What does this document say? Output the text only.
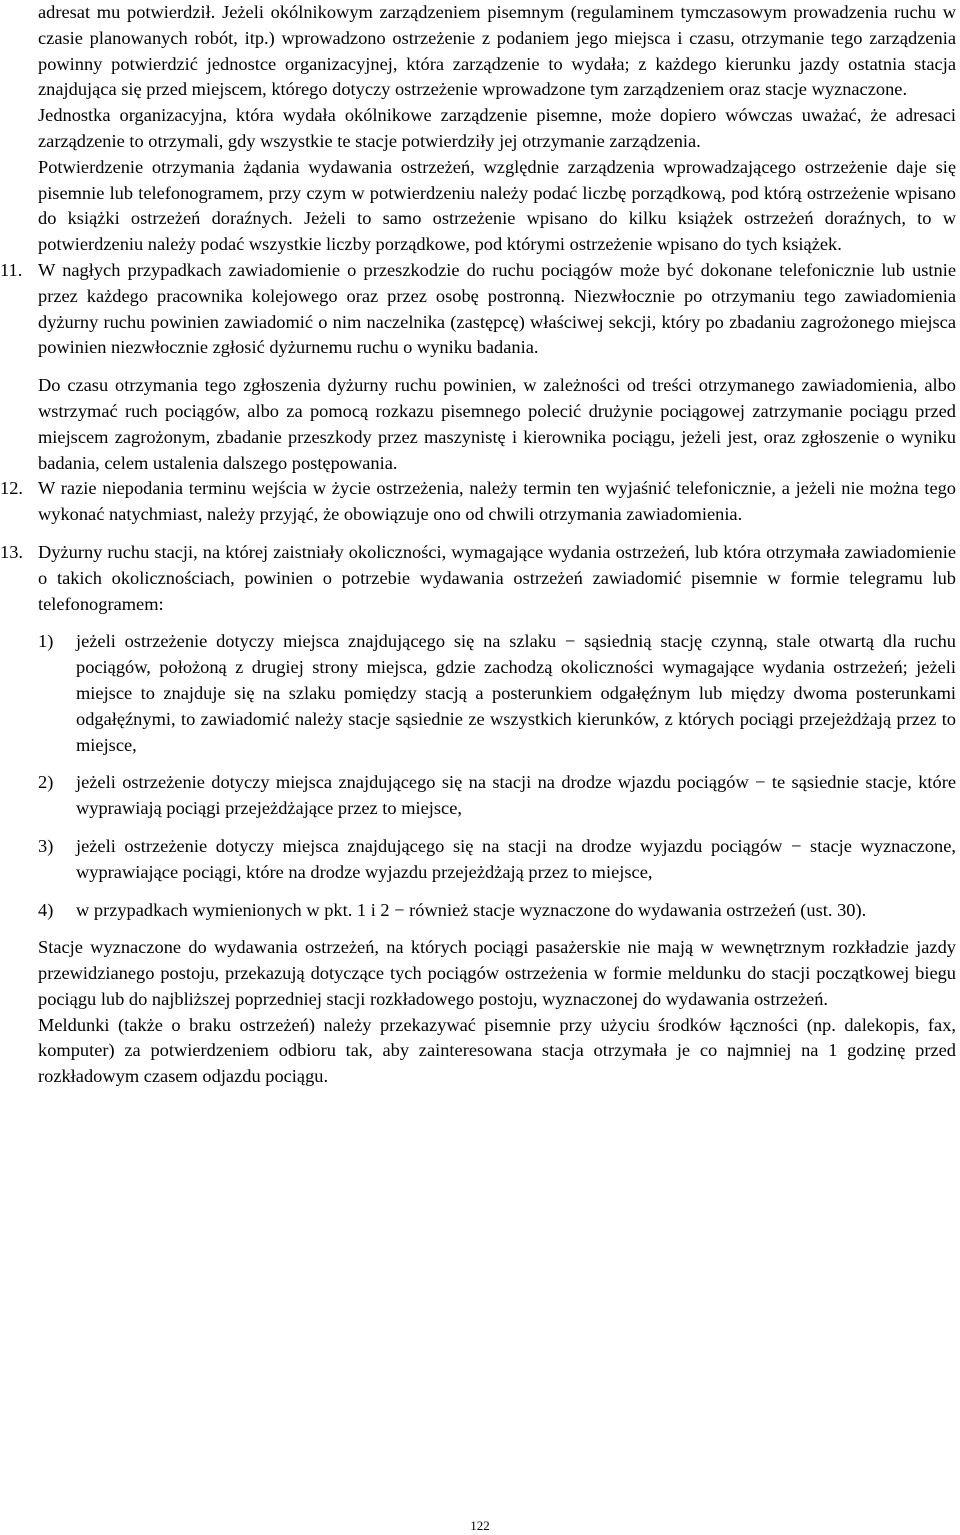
adresat mu potwierdził. Jeżeli okólnikowym zarządzeniem pisemnym (regulaminem tymczasowym prowadzenia ruchu w czasie planowanych robót, itp.) wprowadzono ostrzeżenie z podaniem jego miejsca i czasu, otrzymanie tego zarządzenia powinny potwierdzić jednostce organizacyjnej, która zarządzenie to wydała; z każdego kierunku jazdy ostatnia stacja znajdująca się przed miejscem, którego dotyczy ostrzeżenie wprowadzone tym zarządzeniem oraz stacje wyznaczone.

Jednostka organizacyjna, która wydała okólnikowe zarządzenie pisemne, może dopiero wówczas uważać, że adresaci zarządzenie to otrzymali, gdy wszystkie te stacje potwierdziły jej otrzymanie zarządzenia.

Potwierdzenie otrzymania żądania wydawania ostrzeżeń, względnie zarządzenia wprowadzającego ostrzeżenie daje się pisemnie lub telefonogramem, przy czym w potwierdzeniu należy podać liczbę porządkową, pod którą ostrzeżenie wpisano do książki ostrzeżeń doraźnych. Jeżeli to samo ostrzeżenie wpisano do kilku książek ostrzeżeń doraźnych, to w potwierdzeniu należy podać wszystkie liczby porządkowe, pod którymi ostrzeżenie wpisano do tych książek.

11. W nagłych przypadkach zawiadomienie o przeszkodzie do ruchu pociągów może być dokonane telefonicznie lub ustnie przez każdego pracownika kolejowego oraz przez osobę postronną. Niezwłocznie po otrzymaniu tego zawiadomienia dyżurny ruchu powinien zawiadomić o nim naczelnika (zastępcę) właściwej sekcji, który po zbadaniu zagrożonego miejsca powinien niezwłocznie zgłosić dyżurnemu ruchu o wyniku badania.

Do czasu otrzymania tego zgłoszenia dyżurny ruchu powinien, w zależności od treści otrzymanego zawiadomienia, albo wstrzymać ruch pociągów, albo za pomocą rozkazu pisemnego polecić drużynie pociągowej zatrzymanie pociągu przed miejscem zagrożonym, zbadanie przeszkody przez maszynistę i kierownika pociągu, jeżeli jest, oraz zgłoszenie o wyniku badania, celem ustalenia dalszego postępowania.

12. W razie niepodania terminu wejścia w życie ostrzeżenia, należy termin ten wyjaśnić telefonicznie, a jeżeli nie można tego wykonać natychmiast, należy przyjąć, że obowiązuje ono od chwili otrzymania zawiadomienia.

13. Dyżurny ruchu stacji, na której zaistniały okoliczności, wymagające wydania ostrzeżeń, lub która otrzymała zawiadomienie o takich okolicznościach, powinien o potrzebie wydawania ostrzeżeń zawiadomić pisemnie w formie telegramu lub telefonogramem:

1)	jeżeli ostrzeżenie dotyczy miejsca znajdującego się na szlaku − sąsiednią stację czynną, stale otwartą dla ruchu pociągów, położoną z drugiej strony miejsca, gdzie zachodzą okoliczności wymagające wydania ostrzeżeń; jeżeli miejsce to znajduje się na szlaku pomiędzy stacją a posterunkiem odgałęźnym lub między dwoma posterunkami odgałęźnymi, to zawiadomić należy stacje sąsiednie ze wszystkich kierunków, z których pociągi przejeżdżają przez to miejsce,

2)	jeżeli ostrzeżenie dotyczy miejsca znajdującego się na stacji na drodze wjazdu pociągów − te sąsiednie stacje, które wyprawiają pociągi przejeżdżające przez to miejsce,

3)	jeżeli ostrzeżenie dotyczy miejsca znajdującego się na stacji na drodze wyjazdu pociągów − stacje wyznaczone, wyprawiające pociągi, które na drodze wyjazdu przejeżdżają przez to miejsce,

4)	w przypadkach wymienionych w pkt. 1 i 2 − również stacje wyznaczone do wydawania ostrzeżeń (ust. 30).

Stacje wyznaczone do wydawania ostrzeżeń, na których pociągi pasażerskie nie mają w wewnętrznym rozkładzie jazdy przewidzianego postoju, przekazują dotyczące tych pociągów ostrzeżenia w formie meldunku do stacji początkowej biegu pociągu lub do najbliższej poprzedniej stacji rozkładowego postoju, wyznaczonej do wydawania ostrzeżeń.

Meldunki (także o braku ostrzeżeń) należy przekazywać pisemnie przy użyciu środków łączności (np. dalekopis, fax, komputer) za potwierdzeniem odbioru tak, aby zainteresowana stacja otrzymała je co najmniej na 1 godzinę przed rozkładowym czasem odjazdu pociągu.

122
